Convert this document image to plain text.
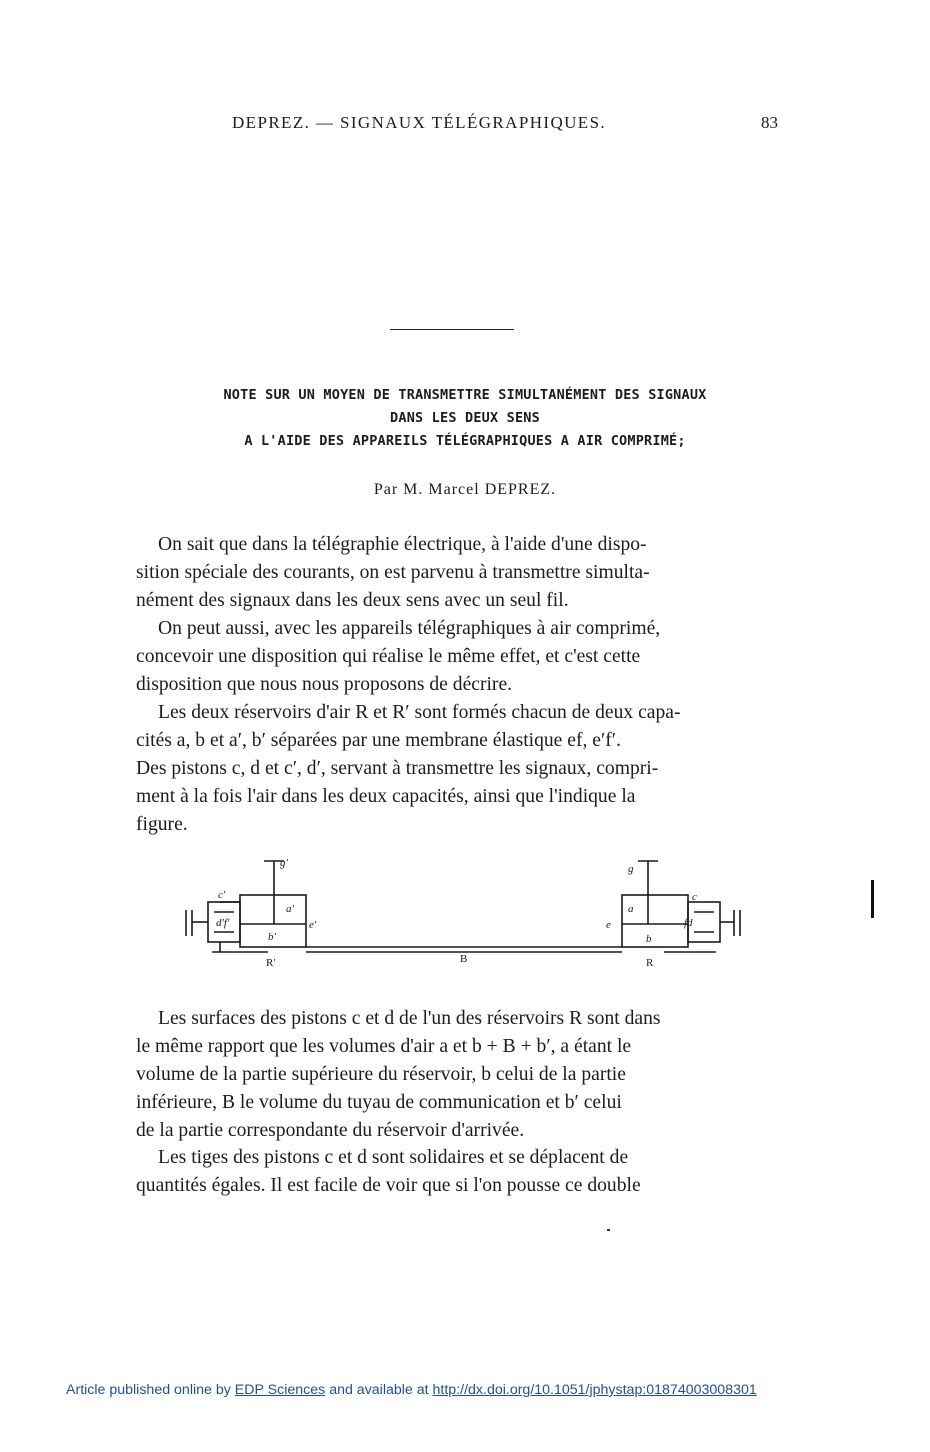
DEPREZ. — SIGNAUX TÉLÉGRAPHIQUES.	83
NOTE SUR UN MOYEN DE TRANSMETTRE SIMULTANÉMENT DES SIGNAUX
DANS LES DEUX SENS
A L'AIDE DES APPAREILS TÉLÉGRAPHIQUES A AIR COMPRIMÉ;
Par M. Marcel DEPREZ.
On sait que dans la télégraphie électrique, à l'aide d'une dispo-
sition spéciale des courants, on est parvenu à transmettre simulta-
nément des signaux dans les deux sens avec un seul fil.
On peut aussi, avec les appareils télégraphiques à air comprimé,
concevoir une disposition qui réalise le même effet, et c'est cette
disposition que nous nous proposons de décrire.
Les deux réservoirs d'air R et R′ sont formés chacun de deux capa-
cités a, b et a′, b′ séparées par une membrane élastique ef, e′f′.
Des pistons c, d et c′, d′, servant à transmettre les signaux, compri-
ment à la fois l'air dans les deux capacités, ainsi que l'indique la
figure.
g′
a′
b′
e′
c′
d′f′
R′	B
g
a
b
e
c
fd
R
Les surfaces des pistons c et d de l'un des réservoirs R sont dans
le même rapport que les volumes d'air a et b + B + b′, a étant le
volume de la partie supérieure du réservoir, b celui de la partie
inférieure, B le volume du tuyau de communication et b′ celui
de la partie correspondante du réservoir d'arrivée.
Les tiges des pistons c et d sont solidaires et se déplacent de
quantités égales. Il est facile de voir que si l'on pousse ce double
Article published online by EDP Sciences and available at http://dx.doi.org/10.1051/jphystap:01874003008301
